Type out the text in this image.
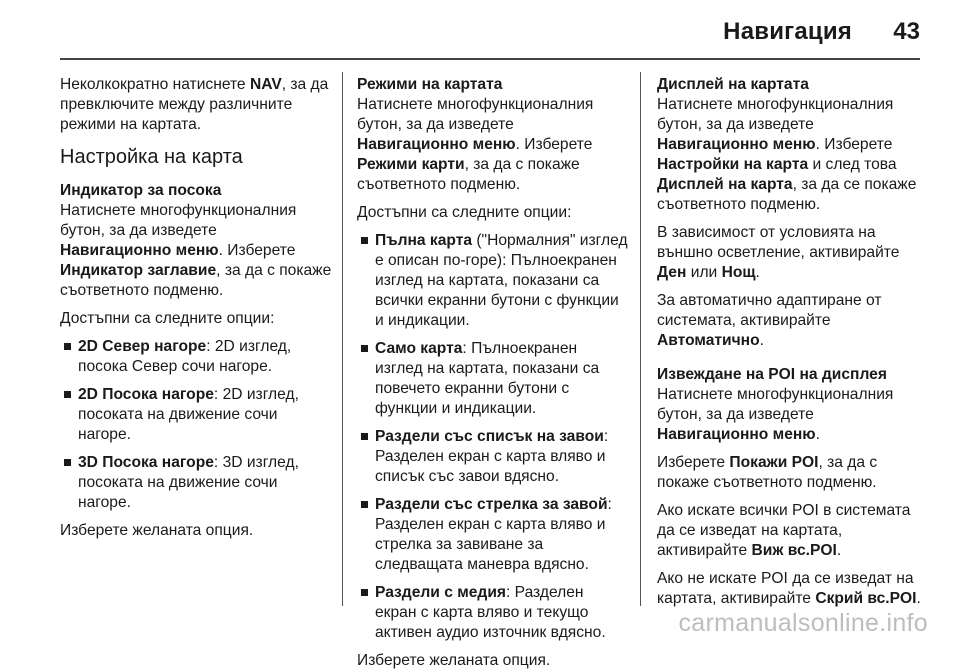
Навигация 43

Неколкократно натиснете NAV, за да превключите между различните режими на картата.

Настройка на карта
Индикатор за посока

Натиснете многофункционалния бутон, за да изведете Навигационно меню. Изберете Индикатор заглавие, за да с покаже съответното подменю.

Достъпни са следните опции:

2D Север нагоре: 2D изглед, посока Север сочи нагоре.
2D Посока нагоре: 2D изглед, посоката на движение сочи нагоре.
3D Посока нагоре: 3D изглед, посоката на движение сочи нагоре.

Изберете желаната опция.

Режими на картата

Натиснете многофункционалния бутон, за да изведете Навигационно меню. Изберете Режими карти, за да с покаже съответното подменю.

Достъпни са следните опции:

Пълна карта ("Нормалния" изглед е описан по-горе): Пълноекранен изглед на картата, показани са всички екранни бутони с функции и индикации.
Само карта: Пълноекранен изглед на картата, показани са повечето екранни бутони с функции и индикации.
Раздели със списък на завои: Разделен екран с карта вляво и списък със завои вдясно.
Раздели със стрелка за завой: Разделен екран с карта вляво и стрелка за завиване за следващата маневра вдясно.
Раздели с медия: Разделен екран с карта вляво и текущо активен аудио източник вдясно.

Изберете желаната опция.

Дисплей на картата

Натиснете многофункционалния бутон, за да изведете Навигационно меню. Изберете Настройки на карта и след това Дисплей на карта, за да се покаже съответното подменю.

В зависимост от условията на външно осветление, активирайте Ден или Нощ.

За автоматично адаптиране от системата, активирайте Автоматично.

Извеждане на POI на дисплея

Натиснете многофункционалния бутон, за да изведете Навигационно меню.

Изберете Покажи POI, за да с покаже съответното подменю.

Ако искате всички POI в системата да се изведат на картата, активирайте Виж вс.POI.

Ако не искате POI да се изведат на картата, активирайте Скрий вс.POI.

carmanualsonline.info
